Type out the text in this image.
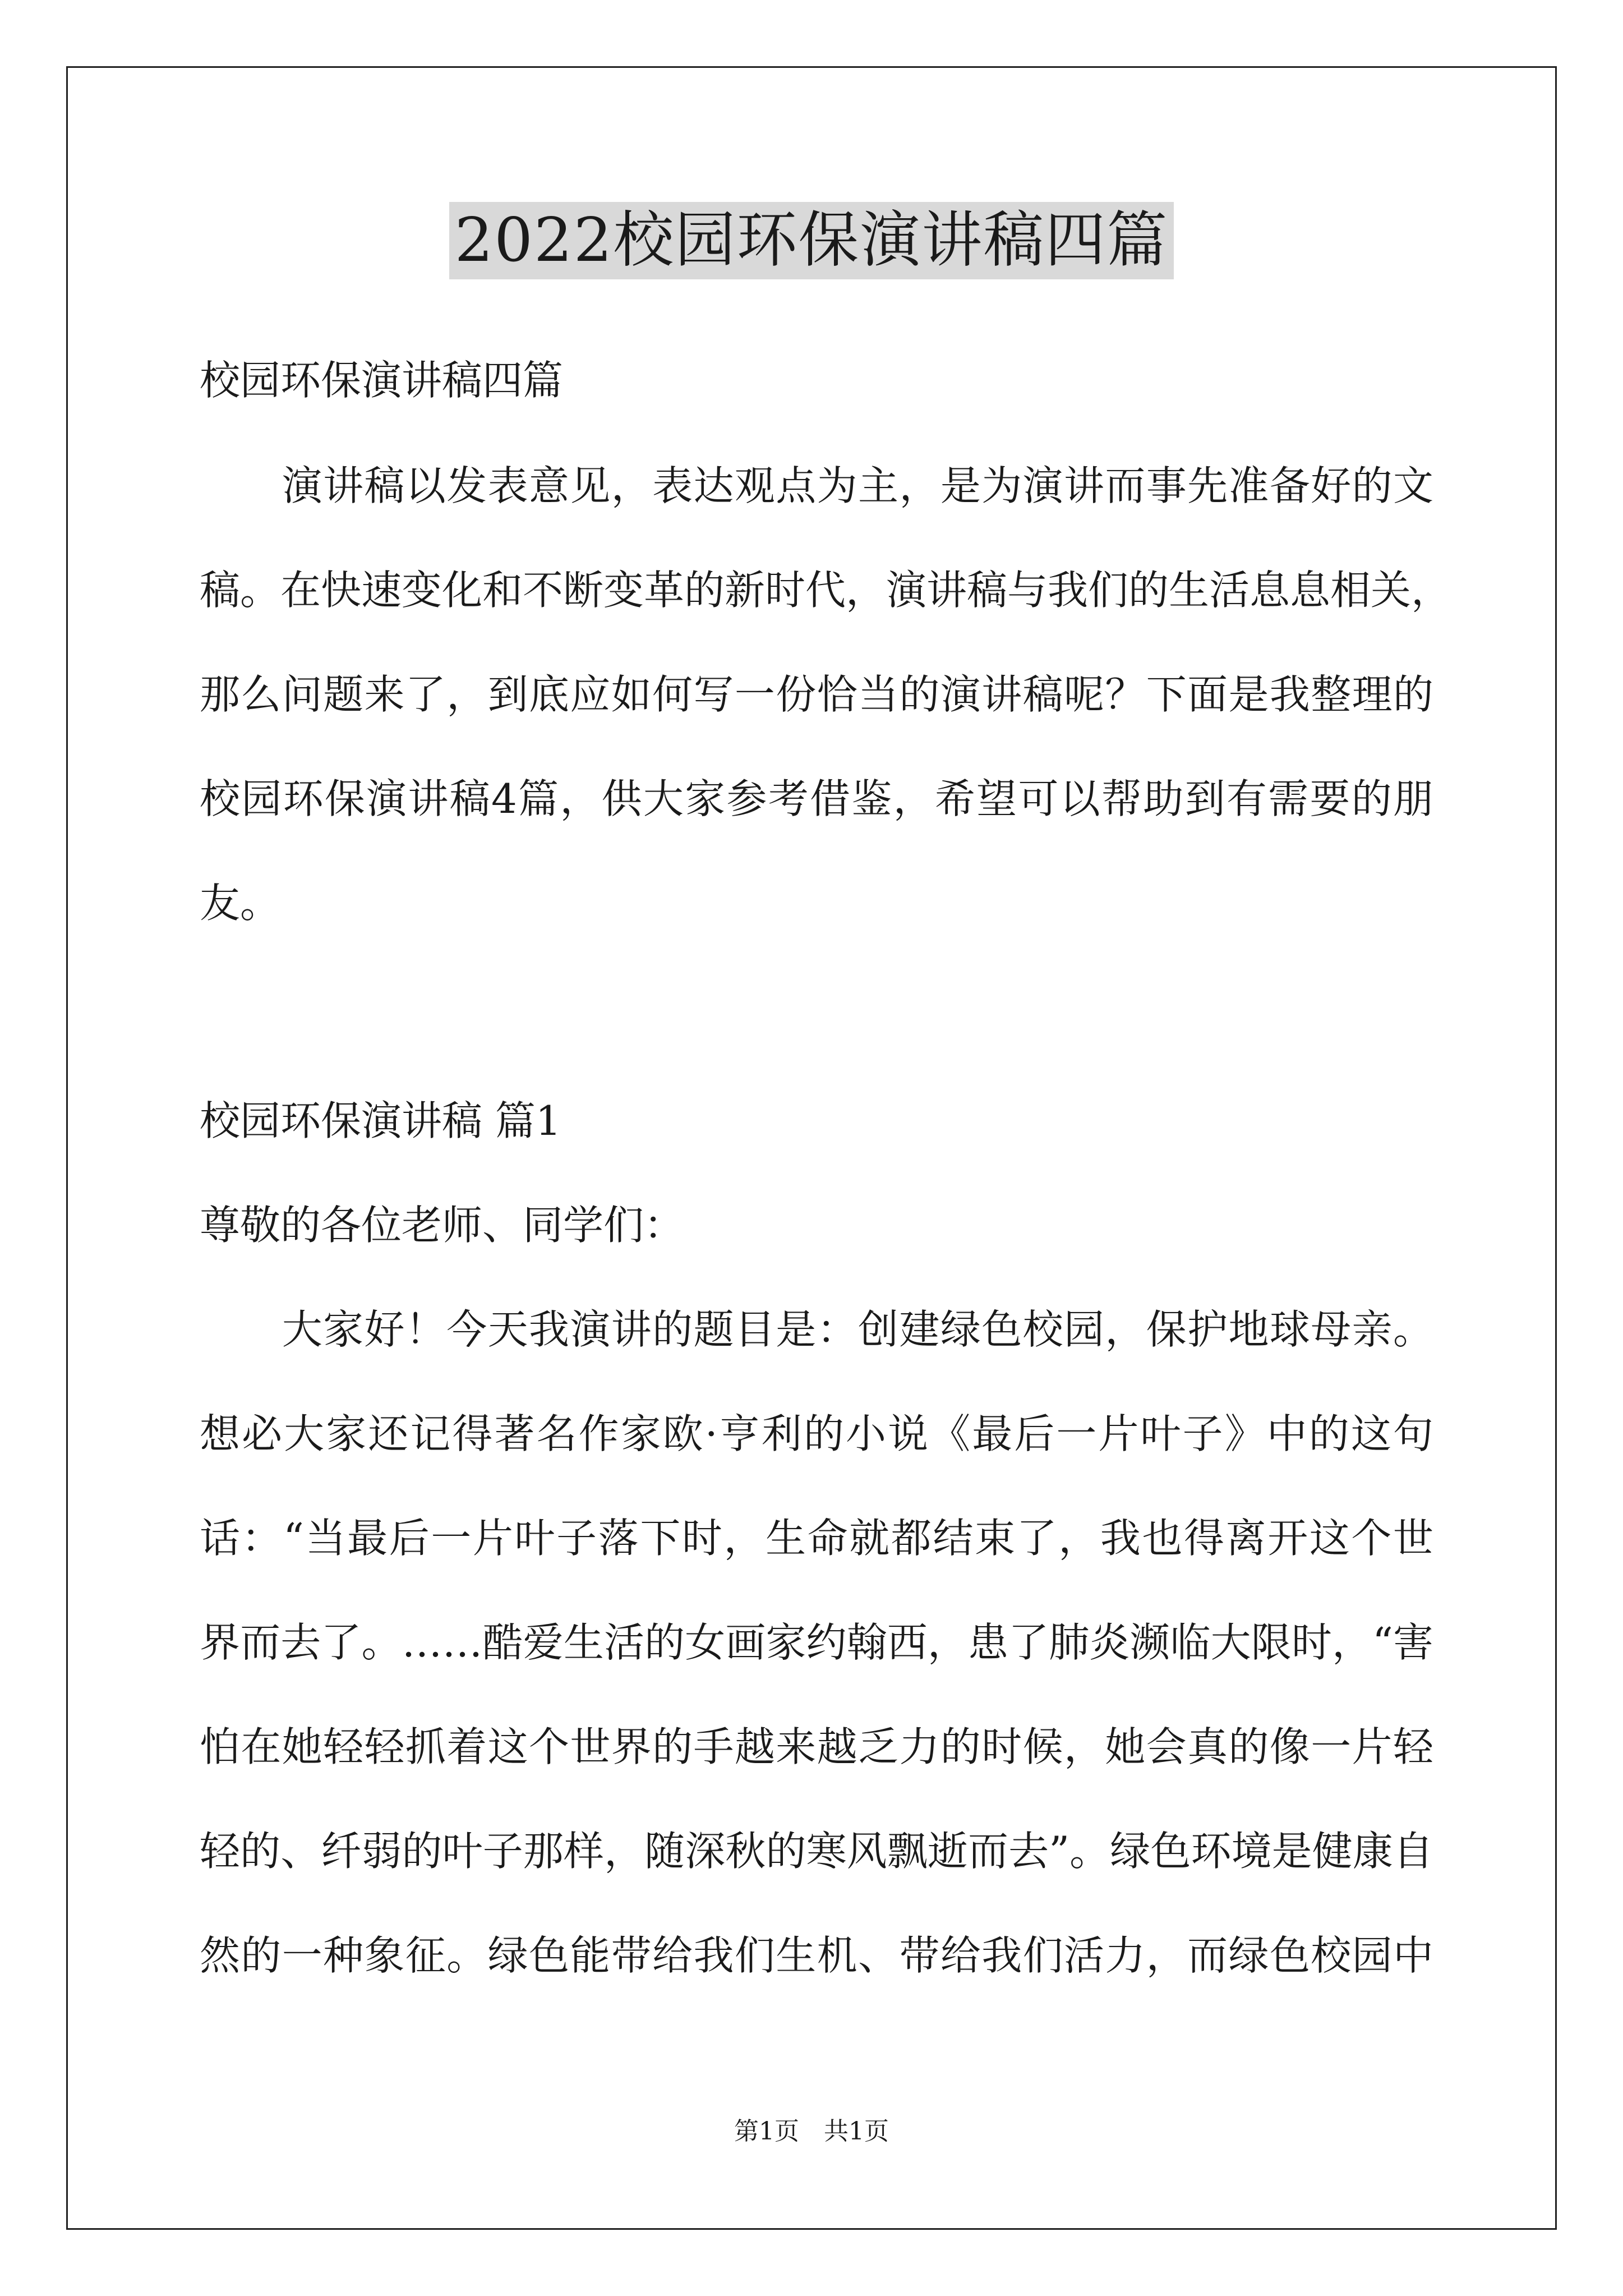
2022校园环保演讲稿四篇
校园环保演讲稿四篇
　　演讲稿以发表意见，表达观点为主，是为演讲而事先准备好的文
稿。在快速变化和不断变革的新时代，演讲稿与我们的生活息息相关，
那么问题来了，到底应如何写一份恰当的演讲稿呢？下面是我整理的
校园环保演讲稿4篇，供大家参考借鉴，希望可以帮助到有需要的朋
友。
校园环保演讲稿 篇1
尊敬的各位老师、同学们：
　　大家好！今天我演讲的题目是：创建绿色校园，保护地球母亲。
想必大家还记得著名作家欧·亨利的小说《最后一片叶子》中的这句
话：“当最后一片叶子落下时，生命就都结束了，我也得离开这个世
界而去了。……酷爱生活的女画家约翰西，患了肺炎濒临大限时，“害
怕在她轻轻抓着这个世界的手越来越乏力的时候，她会真的像一片轻
轻的、纤弱的叶子那样，随深秋的寒风飘逝而去”。绿色环境是健康自
然的一种象征。绿色能带给我们生机、带给我们活力，而绿色校园中
第1页　共1页
